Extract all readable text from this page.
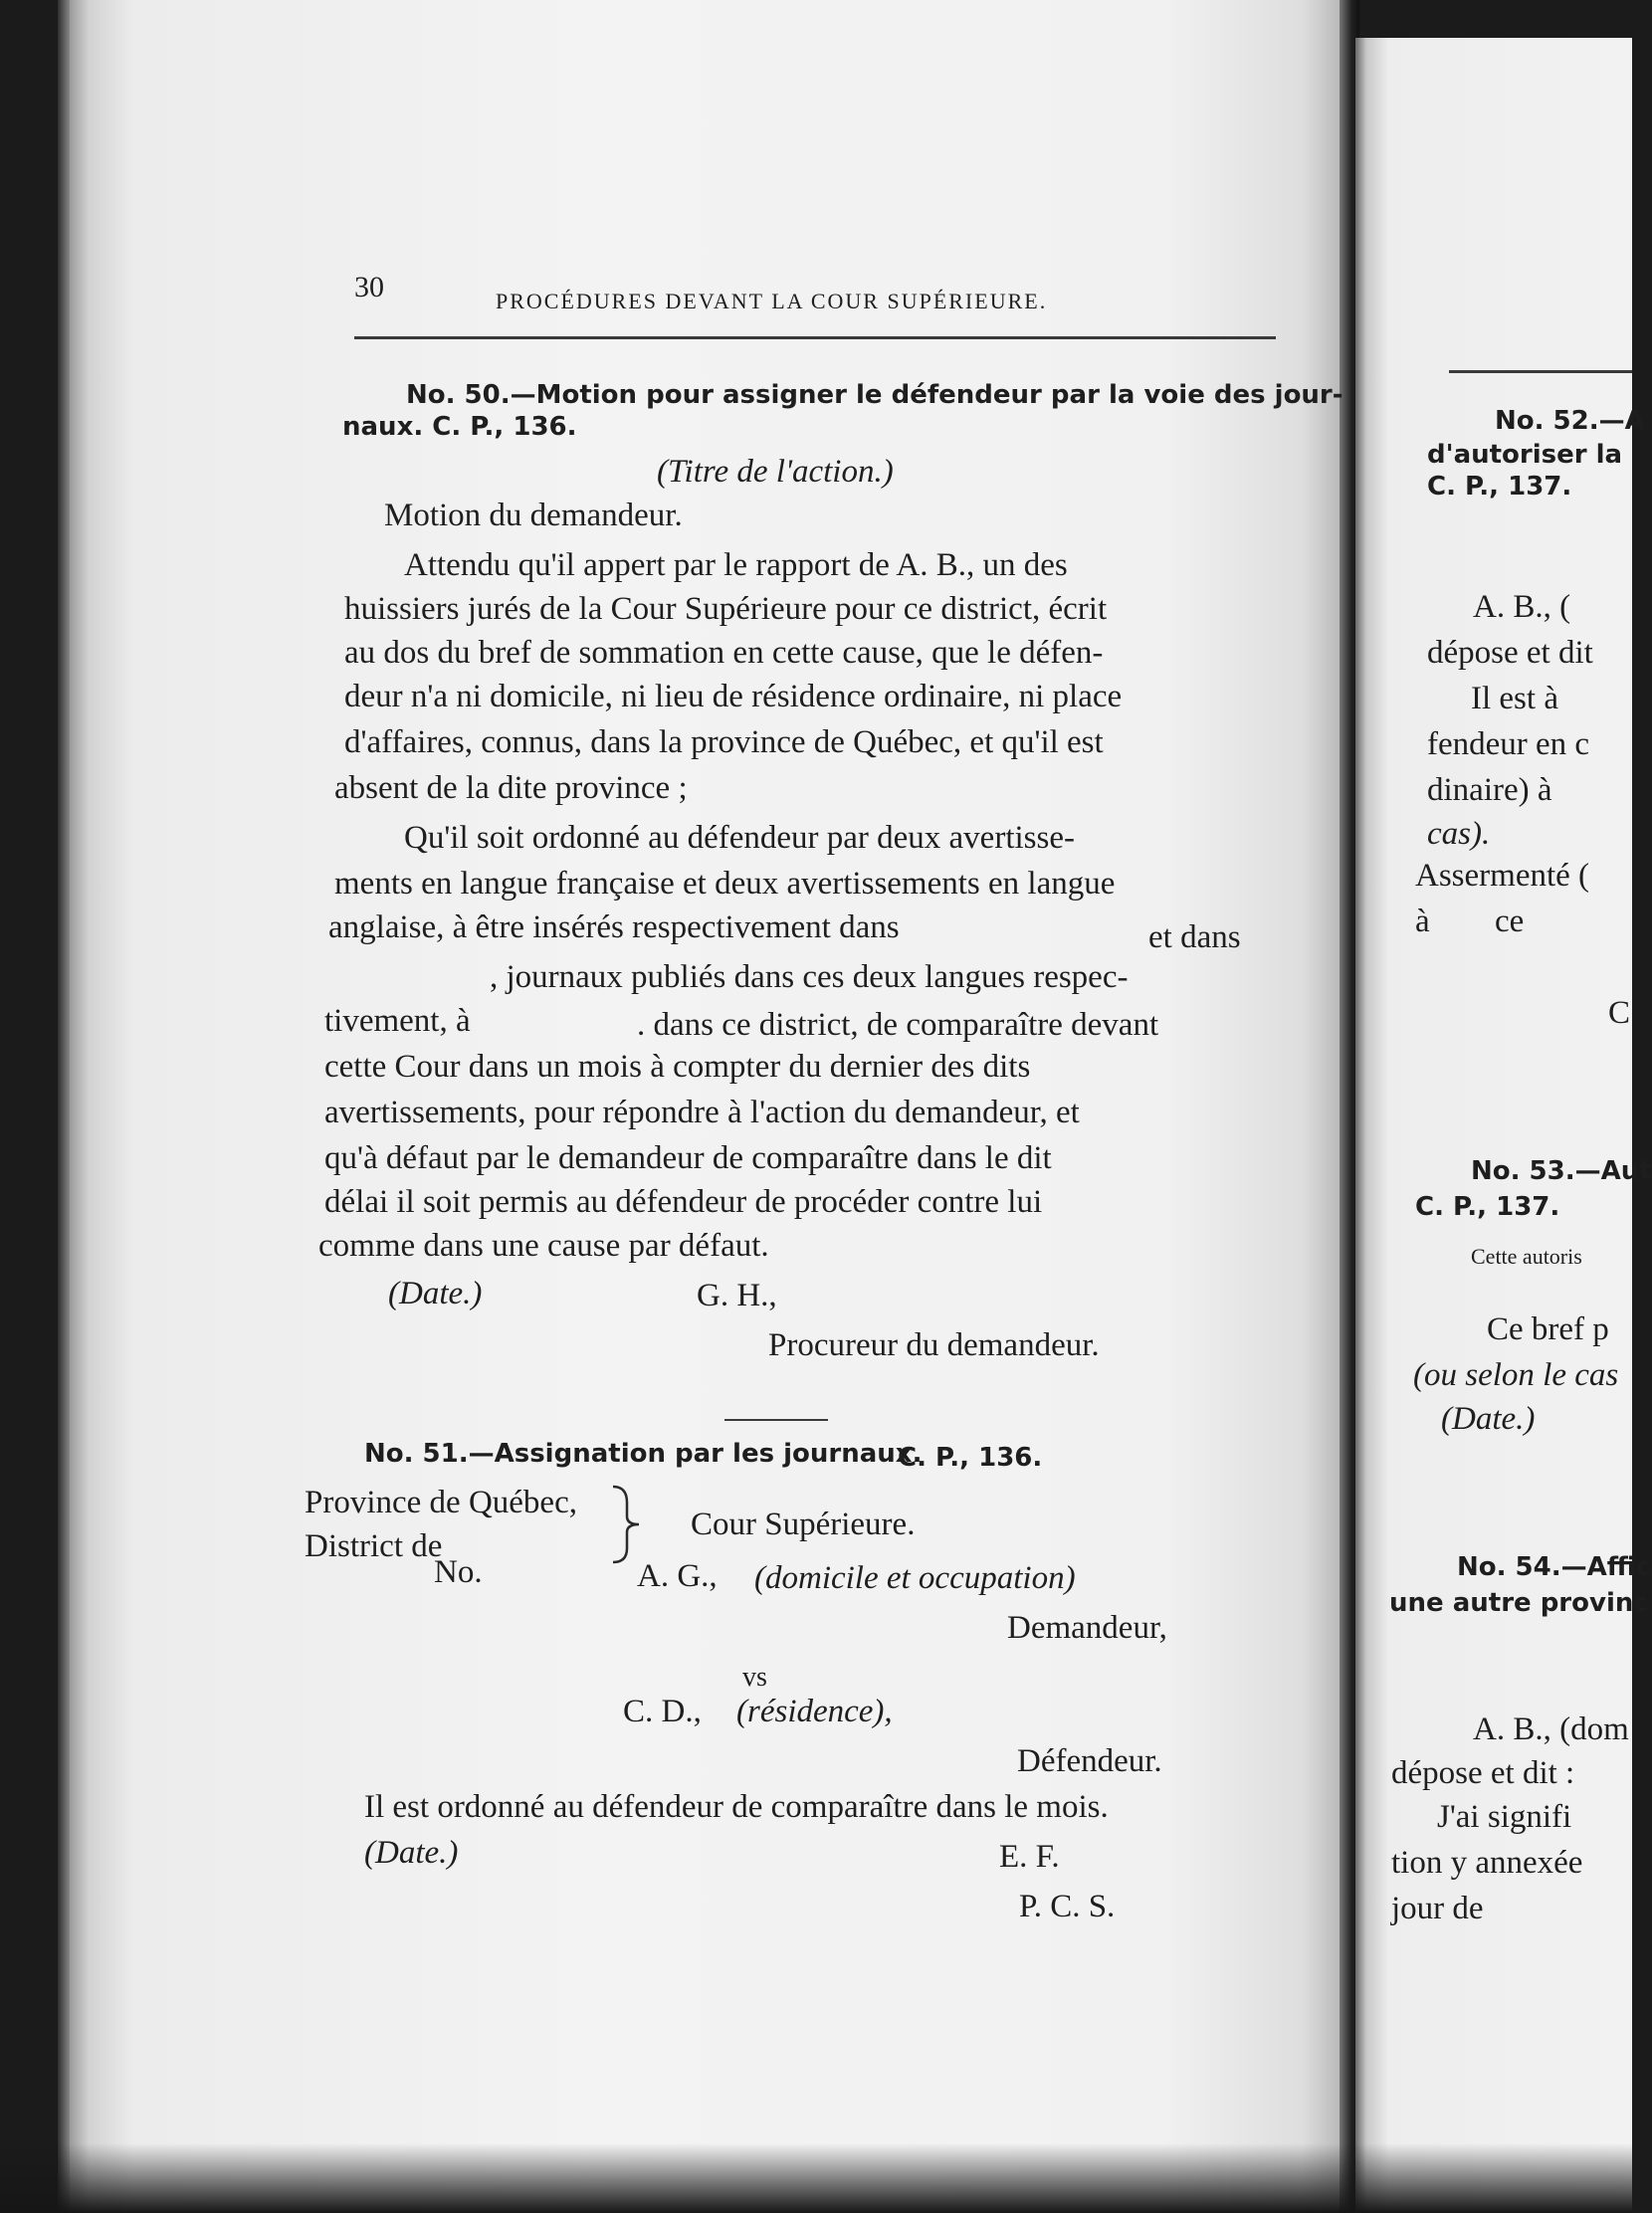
30	PROCÉDURES DEVANT LA COUR SUPÉRIEURE.
No. 50.—Motion pour assigner le défendeur par la voie des jour-
naux. C. P., 136.
(Titre de l'action.)
Motion du demandeur.
Attendu qu'il appert par le rapport de A. B., un des
huissiers jurés de la Cour Supérieure pour ce district, écrit
au dos du bref de sommation en cette cause, que le défen-
deur n'a ni domicile, ni lieu de résidence ordinaire, ni place
d'affaires, connus, dans la province de Québec, et qu'il est
absent de la dite province ;
Qu'il soit ordonné au défendeur par deux avertisse-
ments en langue française et deux avertissements en langue
anglaise, à être insérés respectivement dans	et dans
, journaux publiés dans ces deux langues respec-
tivement, à	. dans ce district, de comparaître devant
cette Cour dans un mois à compter du dernier des dits
avertissements, pour répondre à l'action du demandeur, et
qu'à défaut par le demandeur de comparaître dans le dit
délai il soit permis au défendeur de procéder contre lui
comme dans une cause par défaut.
(Date.)	G. H.,
Procureur du demandeur.
No. 51.—Assignation par les journaux.
C. P., 136.
Province de Québec,
District de
Cour Supérieure.
No.	A. G., (domicile et occupation)
Demandeur,
vs
C. D., (résidence),
Défendeur.
Il est ordonné au défendeur de comparaître dans le mois.
(Date.)	E. F.
P. C. S.
No. 52.—A
d'autoriser la
C. P., 137.
A. B., (
dépose et dit
Il est à
fendeur en c
dinaire) à
cas).
Assermenté (
à ce
C
No. 53.—Aut
C. P., 137.
Cette autoris
Ce bref p
(ou selon le cas
(Date.)
No. 54.—Affic
une autre provinc
A. B., (dom
dépose et dit :
J'ai signifi
tion y annexée
jour de
